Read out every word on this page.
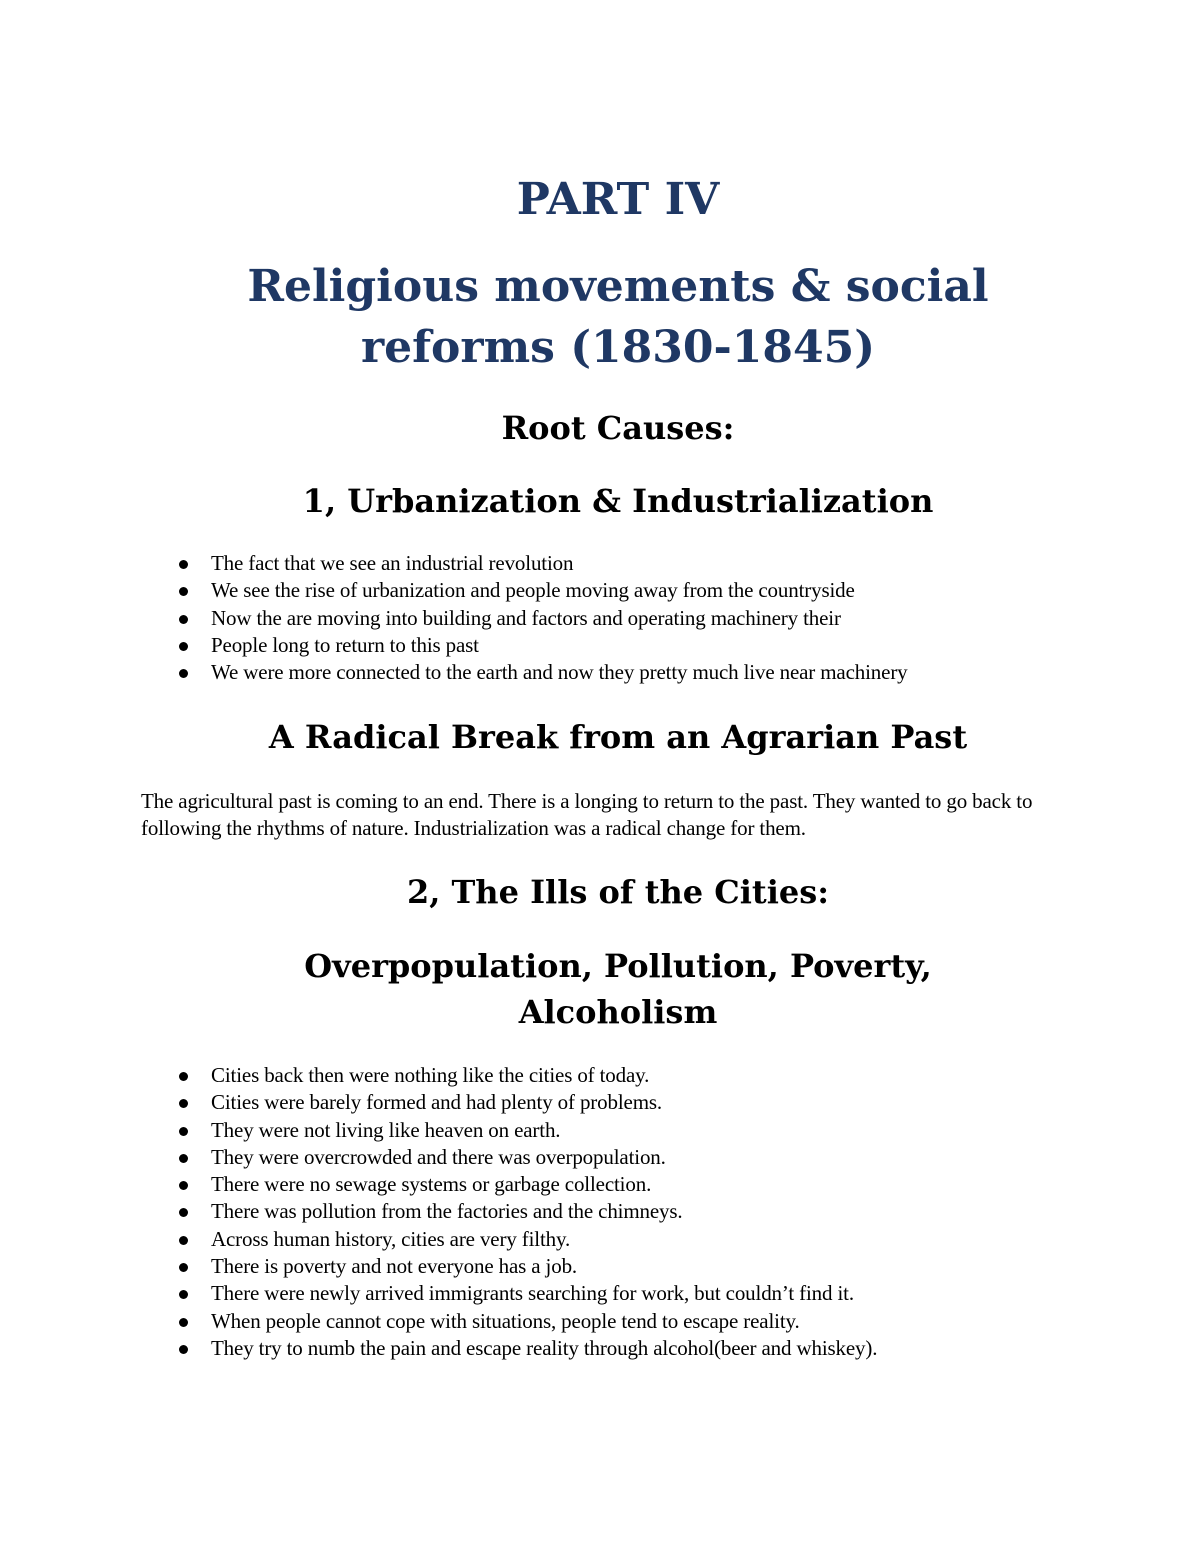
PART IV
Religious movements & social
reforms (1830-1845)
Root Causes:
1, Urbanization & Industrialization
The fact that we see an industrial revolution
We see the rise of urbanization and people moving away from the countryside
Now the are moving into building and factors and operating machinery their
People long to return to this past
We were more connected to the earth and now they pretty much live near machinery
A Radical Break from an Agrarian Past

The agricultural past is coming to an end. There is a longing to return to the past. They wanted to go back to following the rhythms of nature. Industrialization was a radical change for them.

2, The Ills of the Cities:
Overpopulation, Pollution, Poverty,
Alcoholism
Cities back then were nothing like the cities of today.
Cities were barely formed and had plenty of problems.
They were not living like heaven on earth.
They were overcrowded and there was overpopulation.
There were no sewage systems or garbage collection.
There was pollution from the factories and the chimneys.
Across human history, cities are very filthy.
There is poverty and not everyone has a job.
There were newly arrived immigrants searching for work, but couldn’t find it.
When people cannot cope with situations, people tend to escape reality.
They try to numb the pain and escape reality through alcohol(beer and whiskey).
